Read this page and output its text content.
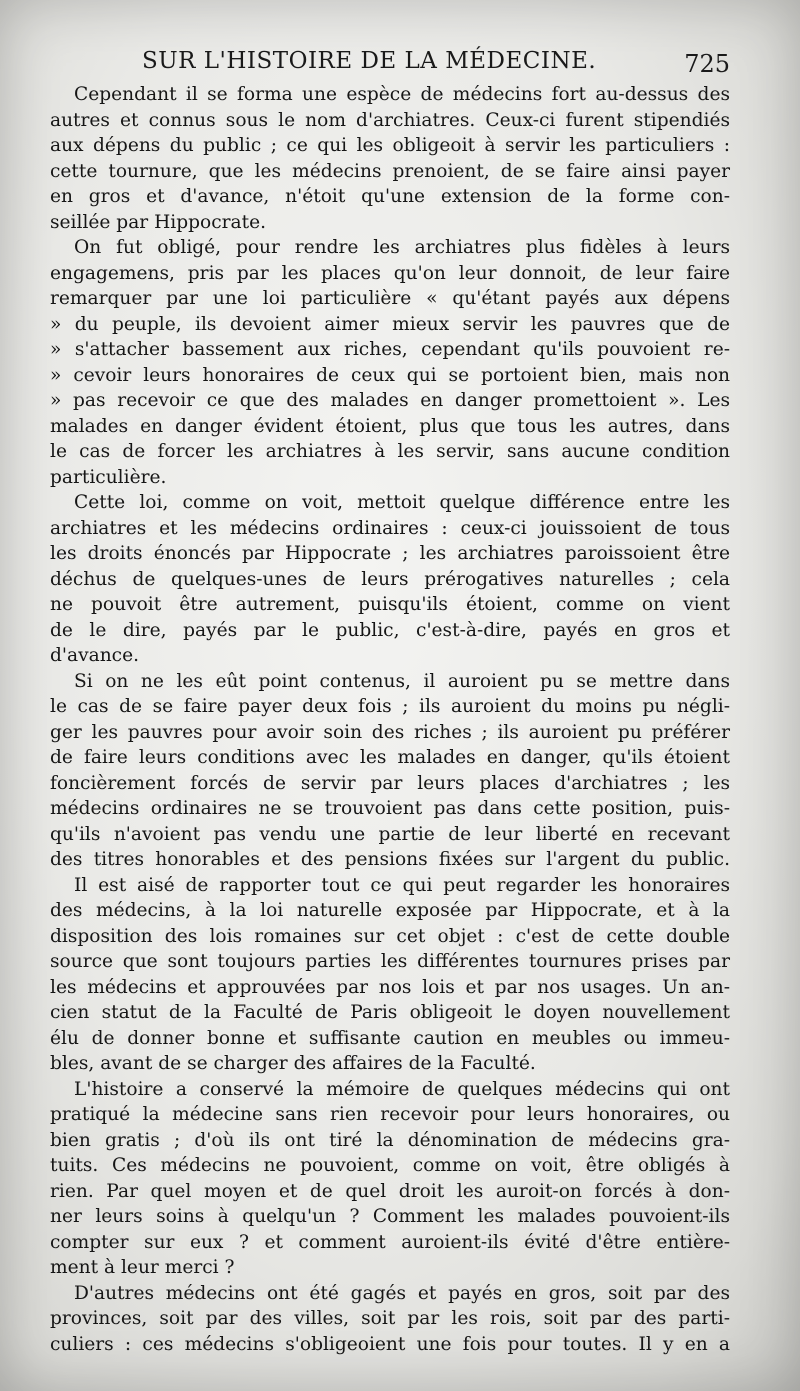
SUR L'HISTOIRE DE LA MÉDECINE.	725
Cependant il se forma une espèce de médecins fort au-dessus des
autres et connus sous le nom d'archiatres. Ceux-ci furent stipendiés
aux dépens du public ; ce qui les obligeoit à servir les particuliers :
cette tournure, que les médecins prenoient, de se faire ainsi payer
en gros et d'avance, n'étoit qu'une extension de la forme con-
seillée par Hippocrate.
On fut obligé, pour rendre les archiatres plus fidèles à leurs
engagemens, pris par les places qu'on leur donnoit, de leur faire
remarquer par une loi particulière « qu'étant payés aux dépens
» du peuple, ils devoient aimer mieux servir les pauvres que de
» s'attacher bassement aux riches, cependant qu'ils pouvoient re-
» cevoir leurs honoraires de ceux qui se portoient bien, mais non
» pas recevoir ce que des malades en danger promettoient ». Les
malades en danger évident étoient, plus que tous les autres, dans
le cas de forcer les archiatres à les servir, sans aucune condition
particulière.
Cette loi, comme on voit, mettoit quelque différence entre les
archiatres et les médecins ordinaires : ceux-ci jouissoient de tous
les droits énoncés par Hippocrate ; les archiatres paroissoient être
déchus de quelques-unes de leurs prérogatives naturelles ; cela
ne pouvoit être autrement, puisqu'ils étoient, comme on vient
de le dire, payés par le public, c'est-à-dire, payés en gros et
d'avance.
Si on ne les eût point contenus, il auroient pu se mettre dans
le cas de se faire payer deux fois ; ils auroient du moins pu négli-
ger les pauvres pour avoir soin des riches ; ils auroient pu préférer
de faire leurs conditions avec les malades en danger, qu'ils étoient
foncièrement forcés de servir par leurs places d'archiatres ; les
médecins ordinaires ne se trouvoient pas dans cette position, puis-
qu'ils n'avoient pas vendu une partie de leur liberté en recevant
des titres honorables et des pensions fixées sur l'argent du public.
Il est aisé de rapporter tout ce qui peut regarder les honoraires
des médecins, à la loi naturelle exposée par Hippocrate, et à la
disposition des lois romaines sur cet objet : c'est de cette double
source que sont toujours parties les différentes tournures prises par
les médecins et approuvées par nos lois et par nos usages. Un an-
cien statut de la Faculté de Paris obligeoit le doyen nouvellement
élu de donner bonne et suffisante caution en meubles ou immeu-
bles, avant de se charger des affaires de la Faculté.
L'histoire a conservé la mémoire de quelques médecins qui ont
pratiqué la médecine sans rien recevoir pour leurs honoraires, ou
bien gratis ; d'où ils ont tiré la dénomination de médecins gra-
tuits. Ces médecins ne pouvoient, comme on voit, être obligés à
rien. Par quel moyen et de quel droit les auroit-on forcés à don-
ner leurs soins à quelqu'un ? Comment les malades pouvoient-ils
compter sur eux ? et comment auroient-ils évité d'être entière-
ment à leur merci ?
D'autres médecins ont été gagés et payés en gros, soit par des
provinces, soit par des villes, soit par les rois, soit par des parti-
culiers : ces médecins s'obligeoient une fois pour toutes. Il y en a
